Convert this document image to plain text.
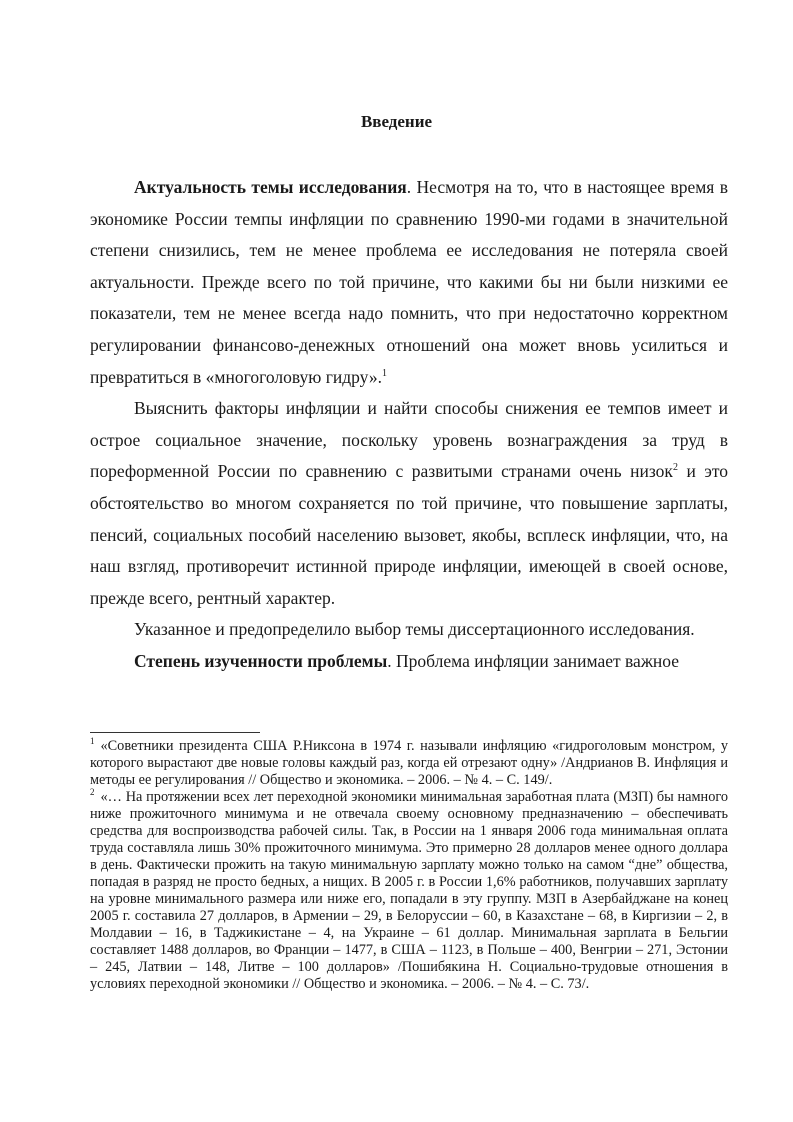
Введение

Актуальность темы исследования. Несмотря на то, что в настоящее время в экономике России темпы инфляции по сравнению 1990-ми годами в значительной степени снизились, тем не менее проблема ее исследования не потеряла своей актуальности. Прежде всего по той причине, что какими бы ни были низкими ее показатели, тем не менее всегда надо помнить, что при недостаточно корректном регулировании финансово-денежных отношений она может вновь усилиться и превратиться в «многоголовую гидру».$^1$

Выяснить факторы инфляции и найти способы снижения ее темпов имеет и острое социальное значение, поскольку уровень вознаграждения за труд в пореформенной России по сравнению с развитыми странами очень низок$^2$ и это обстоятельство во многом сохраняется по той причине, что повышение зарплаты, пенсий, социальных пособий населению вызовет, якобы, всплеск инфляции, что, на наш взгляд, противоречит истинной природе инфляции, имеющей в своей основе, прежде всего, рентный характер.

Указанное и предопределило выбор темы диссертационного исследования.

Степень изученности проблемы. Проблема инфляции занимает важное

$^1$ «Советники президента США Р.Никсона в 1974 г. называли инфляцию «гидроголовым монстром, у которого вырастают две новые головы каждый раз, когда ей отрезают одну» /Андрианов В. Инфляция и методы ее регулирования // Общество и экономика. – 2006. – № 4. – С. 149/.

$^2$ «… На протяжении всех лет переходной экономики минимальная заработная плата (МЗП) бы намного ниже прожиточного минимума и не отвечала своему основному предназначению – обеспечивать средства для воспроизводства рабочей силы. Так, в России на 1 января 2006 года минимальная оплата труда составляла лишь 30% прожиточного минимума. Это примерно 28 долларов менее одного доллара в день. Фактически прожить на такую минимальную зарплату можно только на самом “дне” общества, попадая в разряд не просто бедных, а нищих. В 2005 г. в России 1,6% работников, получавших зарплату на уровне минимального размера или ниже его, попадали в эту группу. МЗП в Азербайджане на конец 2005 г. составила 27 долларов, в Армении – 29, в Белоруссии – 60, в Казахстане – 68, в Киргизии – 2, в Молдавии – 16, в Таджикистане – 4, на Украине – 61 доллар. Минимальная зарплата в Бельгии составляет 1488 долларов, во Франции – 1477, в США – 1123, в Польше – 400, Венгрии – 271, Эстонии – 245, Латвии – 148, Литве – 100 долларов» /Пошибякина Н. Социально-трудовые отношения в условиях переходной экономики // Общество и экономика. – 2006. – № 4. – С. 73/.
